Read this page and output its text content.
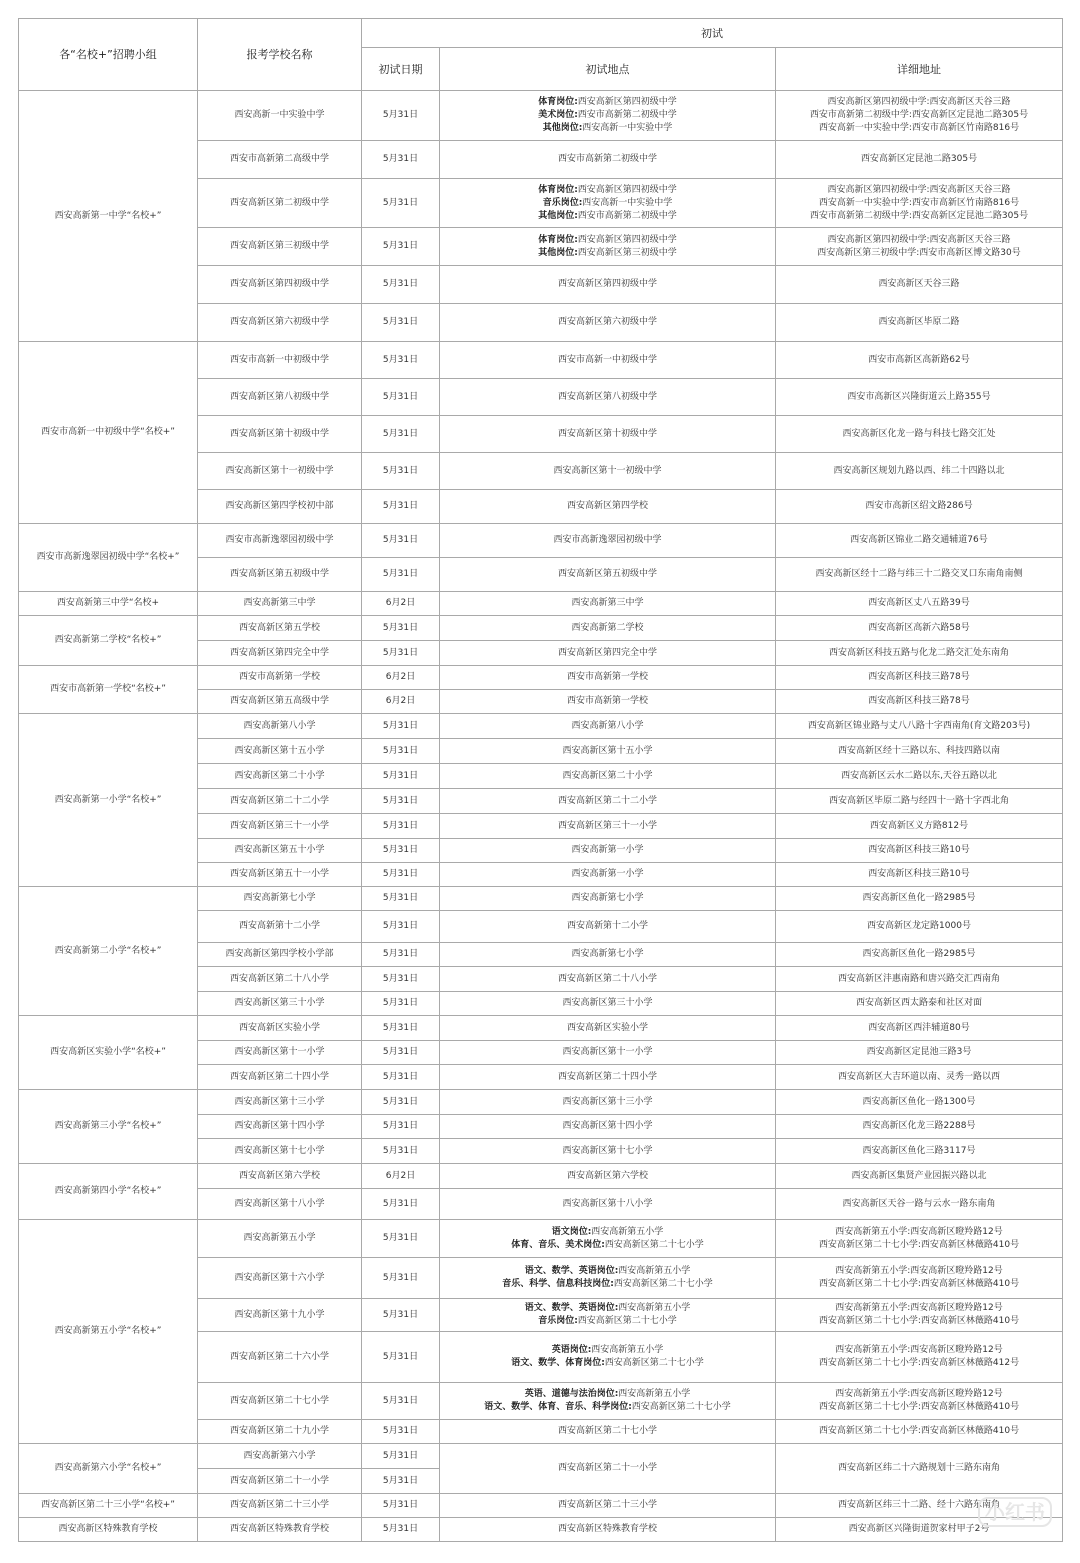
各“名校+”招聘小组	报考学校名称	初试		
		初试日期	初试地点	详细地址
西安高新第一中学“名校+”	西安高新一中实验中学	5月31日	体育岗位:西安高新区第四初级中学
美术岗位:西安市高新第二初级中学
其他岗位:西安高新一中实验中学	西安高新区第四初级中学:西安高新区天谷三路
西安市高新第二初级中学:西安高新区定昆池二路305号
西安高新一中实验中学:西安市高新区竹南路816号

	西安市高新第二高级中学	5月31日	西安市高新第二初级中学	西安高新区定昆池二路305号

	西安高新区第二初级中学	5月31日	体育岗位:西安高新区第四初级中学
音乐岗位:西安高新一中实验中学
其他岗位:西安市高新第二初级中学	西安高新区第四初级中学:西安高新区天谷三路
西安高新一中实验中学:西安市高新区竹南路816号
西安市高新第二初级中学:西安高新区定昆池二路305号

	西安高新区第三初级中学	5月31日	体育岗位:西安高新区第四初级中学
其他岗位:西安高新区第三初级中学	西安高新区第四初级中学:西安高新区天谷三路
西安高新区第三初级中学:西安市高新区博文路30号

	西安高新区第四初级中学	5月31日	西安高新区第四初级中学	西安高新区天谷三路

	西安高新区第六初级中学	5月31日	西安高新区第六初级中学	西安高新区毕原二路

西安市高新一中初级中学“名校+”	西安市高新一中初级中学	5月31日	西安市高新一中初级中学	西安市高新区高新路62号

	西安高新区第八初级中学	5月31日	西安高新区第八初级中学	西安市高新区兴隆街道云上路355号

	西安高新区第十初级中学	5月31日	西安高新区第十初级中学	西安高新区化龙一路与科技七路交汇处

	西安高新区第十一初级中学	5月31日	西安高新区第十一初级中学	西安高新区规划九路以西、纬二十四路以北

	西安高新区第四学校初中部	5月31日	西安高新区第四学校	西安市高新区绍文路286号

西安市高新逸翠园初级中学“名校+”	西安市高新逸翠园初级中学	5月31日	西安市高新逸翠园初级中学	西安高新区锦业二路交通辅道76号

	西安高新区第五初级中学	5月31日	西安高新区第五初级中学	西安高新区经十二路与纬三十二路交叉口东南角南侧

西安高新第三中学“名校+	西安高新第三中学	6月2日	西安高新第三中学	西安高新区丈八五路39号

西安高新第二学校“名校+”	西安高新区第五学校	5月31日	西安高新第二学校	西安高新区高新六路58号

	西安高新区第四完全中学	5月31日	西安高新区第四完全中学	西安高新区科技五路与化龙二路交汇处东南角

西安市高新第一学校“名校+”	西安市高新第一学校	6月2日	西安市高新第一学校	西安高新区科技三路78号

	西安高新区第五高级中学	6月2日	西安市高新第一学校	西安高新区科技三路78号

西安高新第一小学“名校+”	西安高新第八小学	5月31日	西安高新第八小学	西安高新区锦业路与丈八八路十字西南角(育文路203号)

	西安高新区第十五小学	5月31日	西安高新区第十五小学	西安高新区经十三路以东、科技四路以南

	西安高新区第二十小学	5月31日	西安高新区第二十小学	西安高新区云水二路以东,天谷五路以北

	西安高新区第二十二小学	5月31日	西安高新区第二十二小学	西安高新区毕原二路与经四十一路十字西北角

	西安高新区第三十一小学	5月31日	西安高新区第三十一小学	西安高新区义方路812号

	西安高新区第五十小学	5月31日	西安高新第一小学	西安高新区科技三路10号

	西安高新区第五十一小学	5月31日	西安高新第一小学	西安高新区科技三路10号

西安高新第二小学“名校+”	西安高新第七小学	5月31日	西安高新第七小学	西安高新区鱼化一路2985号

	西安高新第十二小学	5月31日	西安高新第十二小学	西安高新区龙定路1000号

	西安高新区第四学校小学部	5月31日	西安高新第七小学	西安高新区鱼化一路2985号

	西安高新区第二十八小学	5月31日	西安高新区第二十八小学	西安高新区沣惠南路和唐兴路交汇西南角

	西安高新区第三十小学	5月31日	西安高新区第三十小学	西安高新区西太路泰和社区对面

西安高新区实验小学“名校+”	西安高新区实验小学	5月31日	西安高新区实验小学	西安高新区西沣辅道80号

	西安高新区第十一小学	5月31日	西安高新区第十一小学	西安高新区定昆池三路3号

	西安高新区第二十四小学	5月31日	西安高新区第二十四小学	西安高新区大吉环道以南、灵秀一路以西

西安高新第三小学“名校+”	西安高新区第十三小学	5月31日	西安高新区第十三小学	西安高新区鱼化一路1300号

	西安高新区第十四小学	5月31日	西安高新区第十四小学	西安高新区化龙三路2288号

	西安高新区第十七小学	5月31日	西安高新区第十七小学	西安高新区鱼化三路3117号

西安高新第四小学“名校+”	西安高新区第六学校	6月2日	西安高新区第六学校	西安高新区集贤产业园振兴路以北

	西安高新区第十八小学	5月31日	西安高新区第十八小学	西安高新区天谷一路与云水一路东南角

西安高新第五小学“名校+”	西安高新第五小学	5月31日	语文岗位:西安高新第五小学
体育、音乐、美术岗位:西安高新区第二十七小学	西安高新第五小学:西安高新区瞪羚路12号
西安高新区第二十七小学:西安高新区林薇路410号

	西安高新区第十六小学	5月31日	语文、数学、英语岗位:西安高新第五小学
音乐、科学、信息科技岗位:西安高新区第二十七小学	西安高新第五小学:西安高新区瞪羚路12号
西安高新区第二十七小学:西安高新区林薇路410号

	西安高新区第十九小学	5月31日	语文、数学、英语岗位:西安高新第五小学
音乐岗位:西安高新区第二十七小学	西安高新第五小学:西安高新区瞪羚路12号
西安高新区第二十七小学:西安高新区林薇路410号

	西安高新区第二十六小学	5月31日	英语岗位:西安高新第五小学
语文、数学、体育岗位:西安高新区第二十七小学	西安高新第五小学:西安高新区瞪羚路12号
西安高新区第二十七小学:西安高新区林薇路412号

	西安高新区第二十七小学	5月31日	英语、道德与法治岗位:西安高新第五小学
语文、数学、体育、音乐、科学岗位:西安高新区第二十七小学	西安高新第五小学:西安高新区瞪羚路12号
西安高新区第二十七小学:西安高新区林薇路410号

	西安高新区第二十九小学	5月31日	西安高新区第二十七小学	西安高新区第二十七小学:西安高新区林薇路410号

西安高新第六小学“名校+”	西安高新第六小学	5月31日	西安高新区第二十一小学	西安高新区纬二十六路规划十三路东南角

	西安高新区第二十一小学	5月31日		
西安高新区第二十三小学“名校+”	西安高新区第二十三小学	5月31日	西安高新区第二十三小学	西安高新区纬三十二路、经十六路东南角

西安高新区特殊教育学校	西安高新区特殊教育学校	5月31日	西安高新区特殊教育学校	西安高新区兴隆街道贺家村甲子2号
小红书
